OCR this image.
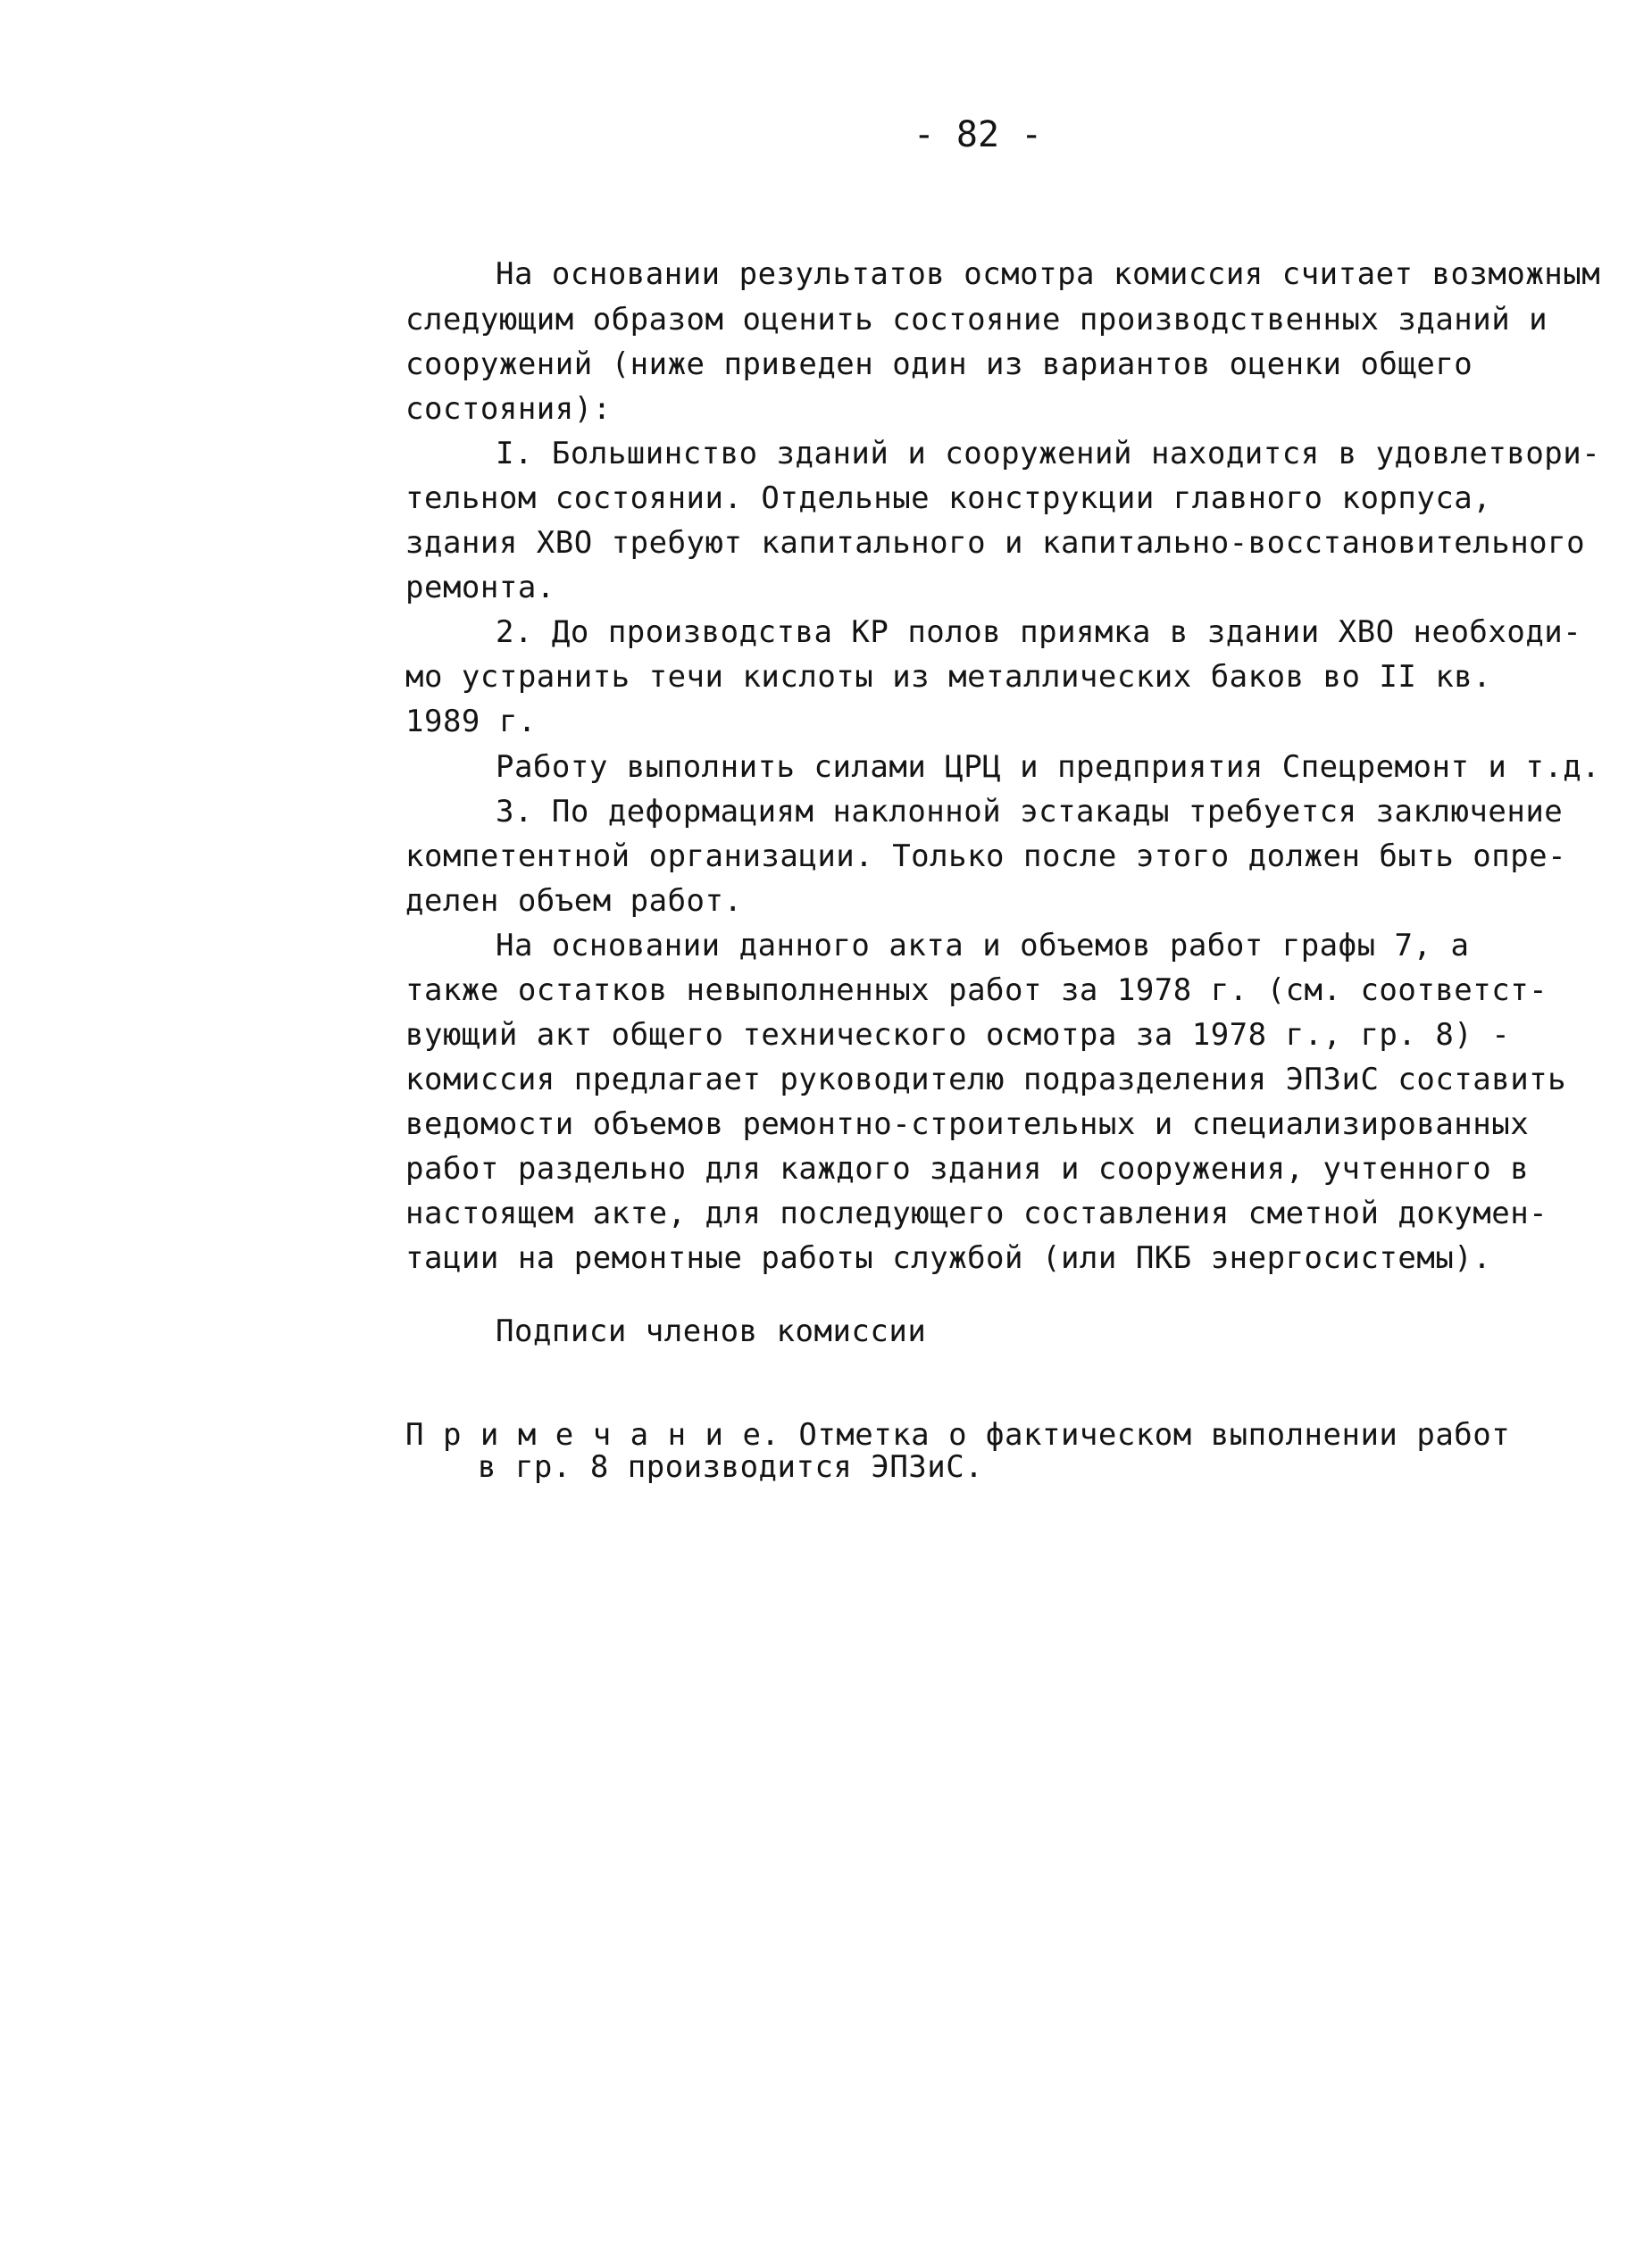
- 82 -
На основании результатов осмотра комиссия считает возможным
следующим образом оценить состояние производственных зданий и
сооружений (ниже приведен один из вариантов оценки общего
состояния):
I. Большинство зданий и сооружений находится в удовлетвори-
тельном состоянии. Отдельные конструкции главного корпуса,
здания ХВО требуют капитального и капитально-восстановительного
ремонта.
2. До производства КР полов приямка в здании ХВО необходи-
мо устранить течи кислоты из металлических баков во II кв.
1989 г.
Работу выполнить силами ЦРЦ и предприятия Спецремонт и т.д.
3. По деформациям наклонной эстакады требуется заключение
компетентной организации. Только после этого должен быть опре-
делен объем работ.
На основании данного акта и объемов работ графы 7, а
также остатков невыполненных работ за 1978 г. (см. соответст-
вующий акт общего технического осмотра за 1978 г., гр. 8) -
комиссия предлагает руководителю подразделения ЭПЗиС составить
ведомости объемов ремонтно-строительных и специализированных
работ раздельно для каждого здания и сооружения, учтенного в
настоящем акте, для последующего составления сметной докумен-
тации на ремонтные работы службой (или ПКБ энергосистемы).
Подписи членов комиссии
П р и м е ч а н и е. Отметка о фактическом выполнении работ
в гр. 8 производится ЭПЗиС.
